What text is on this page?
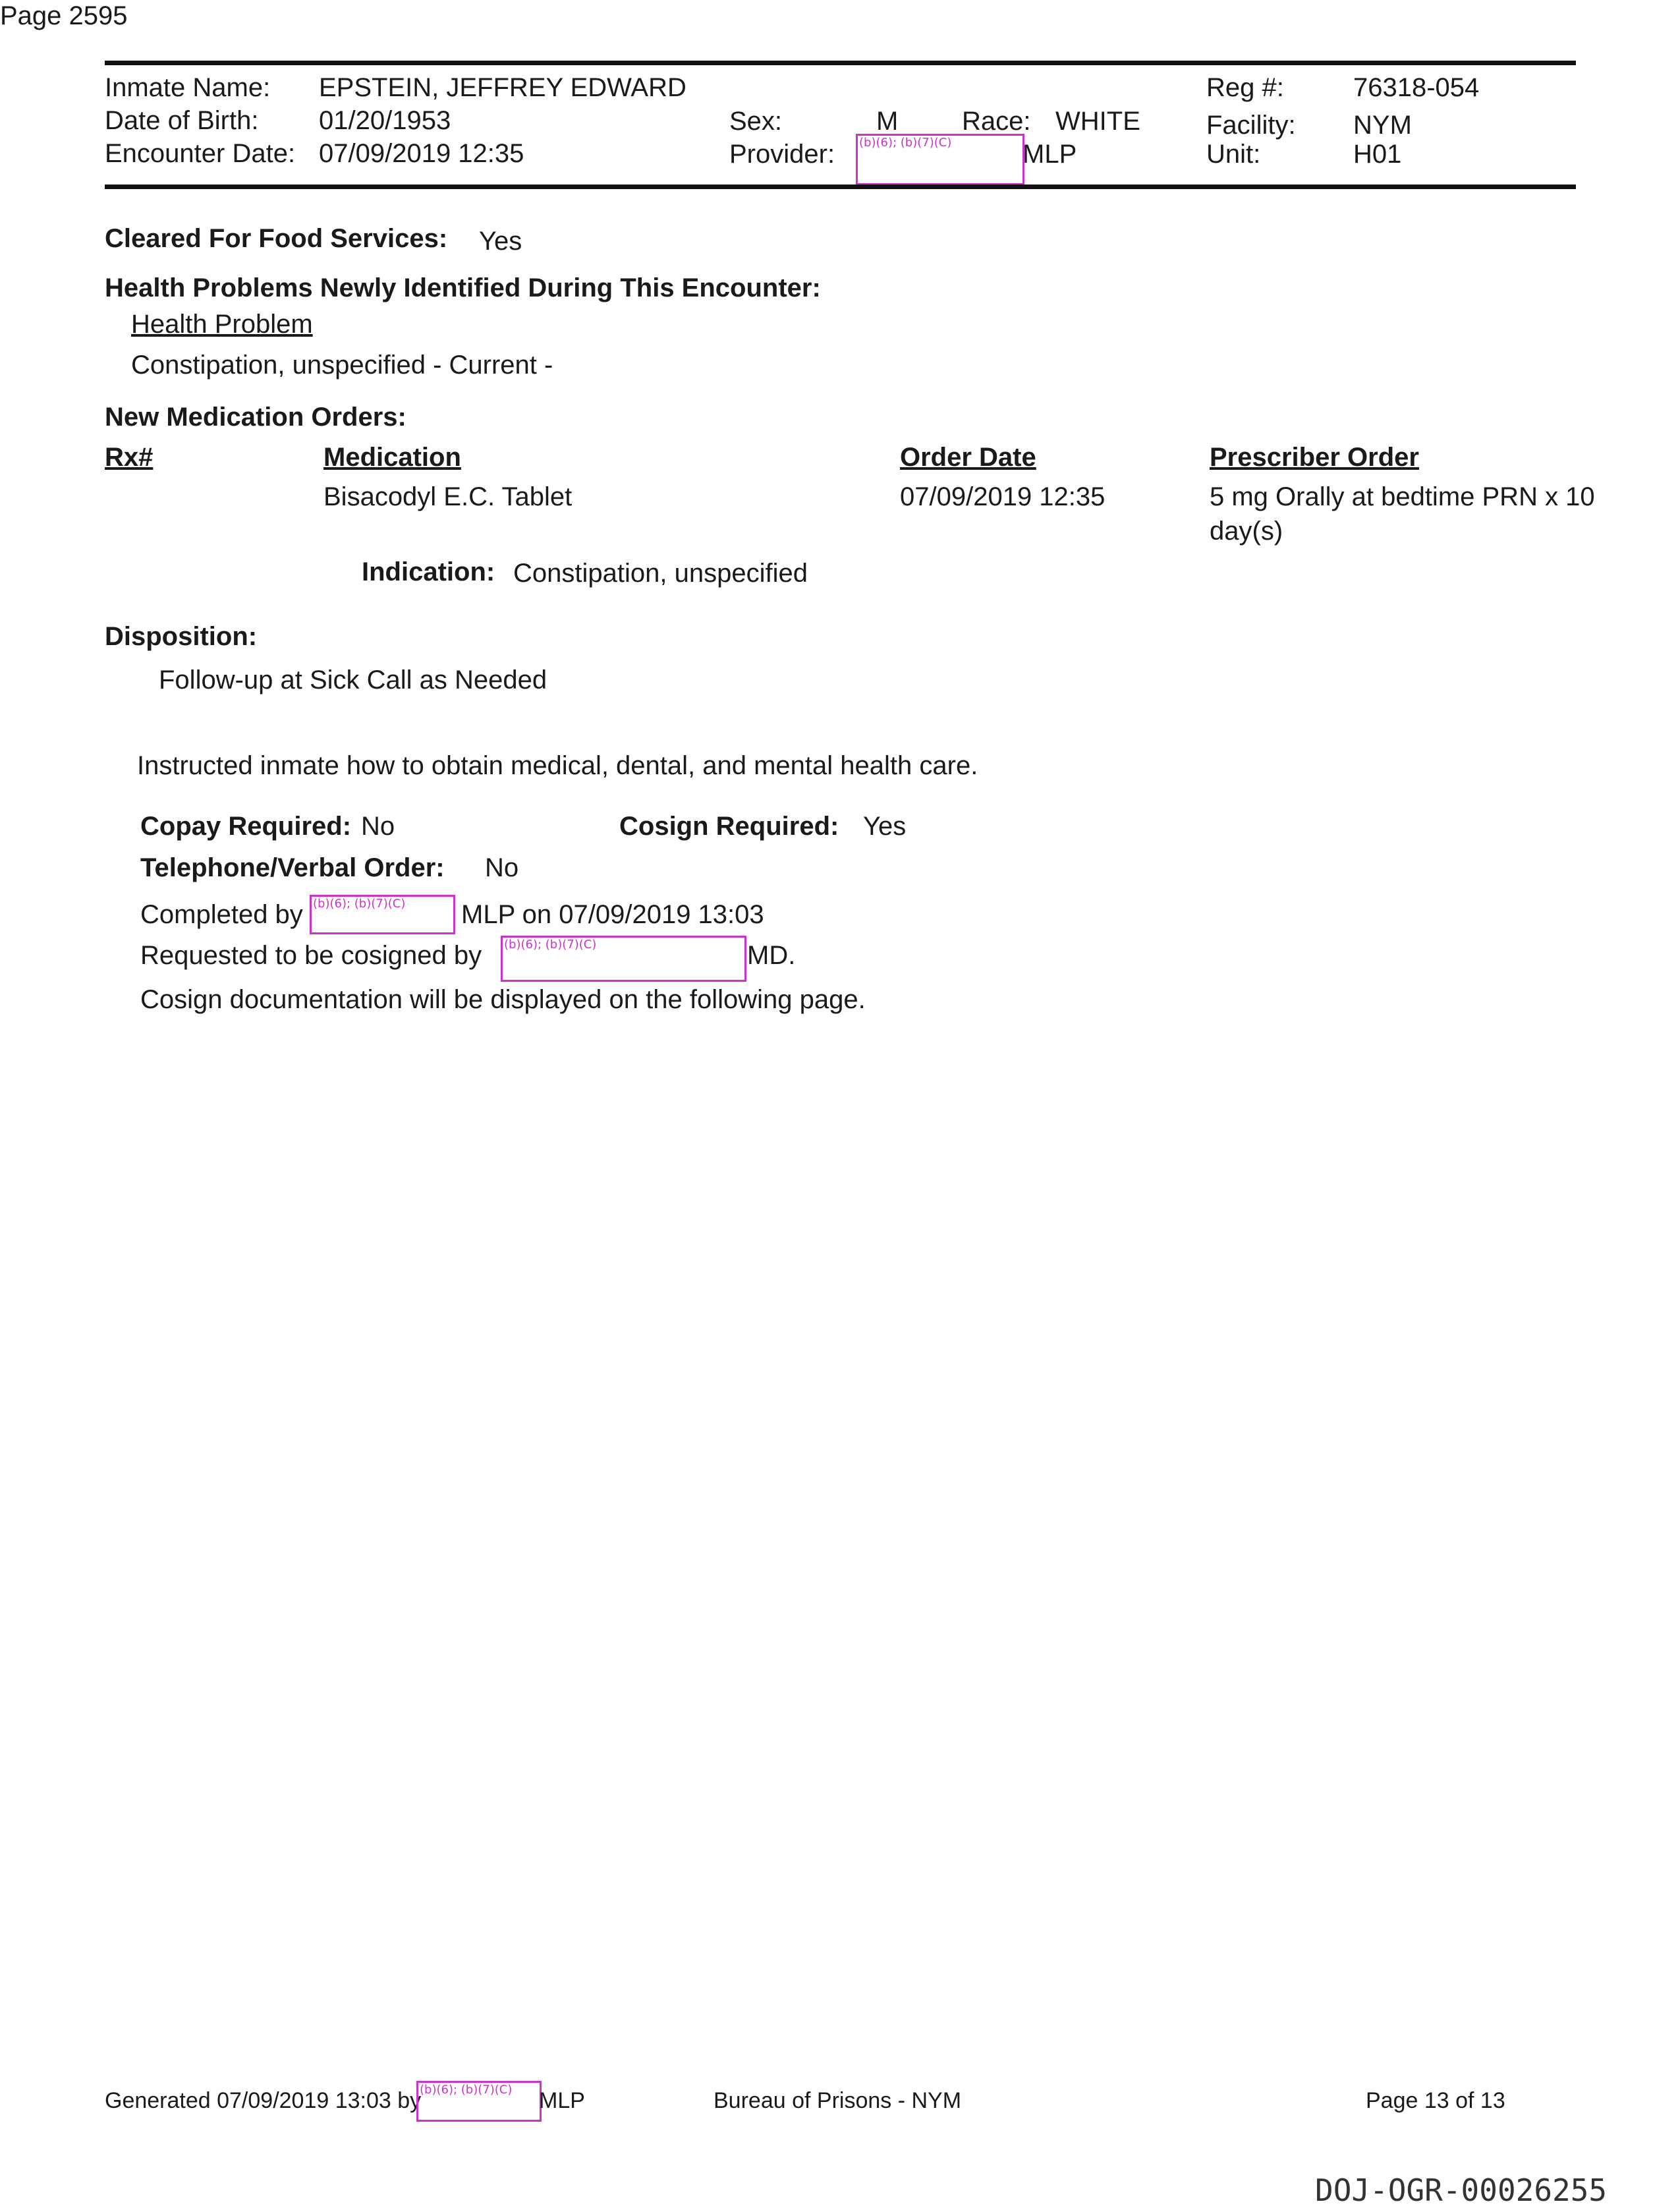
Page 2595
Inmate Name: EPSTEIN, JEFFREY EDWARD
Date of Birth: 01/20/1953
Encounter Date: 07/09/2019 12:35
Sex:	M Race: WHITE
Provider: (b)(6); (b)(7)(C)	MLP
Reg #:	76318-054
Facility: NYM
Unit:	H01
Cleared For Food Services: Yes
Health Problems Newly Identified During This Encounter:
Health Problem
Constipation, unspecified - Current -
New Medication Orders:
Rx#	Medication	Order Date	Prescriber Order
Bisacodyl E.C. Tablet	07/09/2019 12:35	5 mg Orally at bedtime PRN x 10
day(s)
Indication: Constipation, unspecified
Disposition:
Follow-up at Sick Call as Needed
Instructed inmate how to obtain medical, dental, and mental health care.
Copay Required: No	Cosign Required: Yes
Telephone/Verbal Order: No
Completed by (b)(6); (b)(7)(C) MLP on 07/09/2019 13:03
Requested to be cosigned by (b)(6); (b)(7)(C)	MD.
Cosign documentation will be displayed on the following page.
Generated 07/09/2019 13:03 by
(b)(6); (b)(7)(C) MLP	Bureau of Prisons - NYM	Page 13 of 13
DOJ-OGR-00026255
